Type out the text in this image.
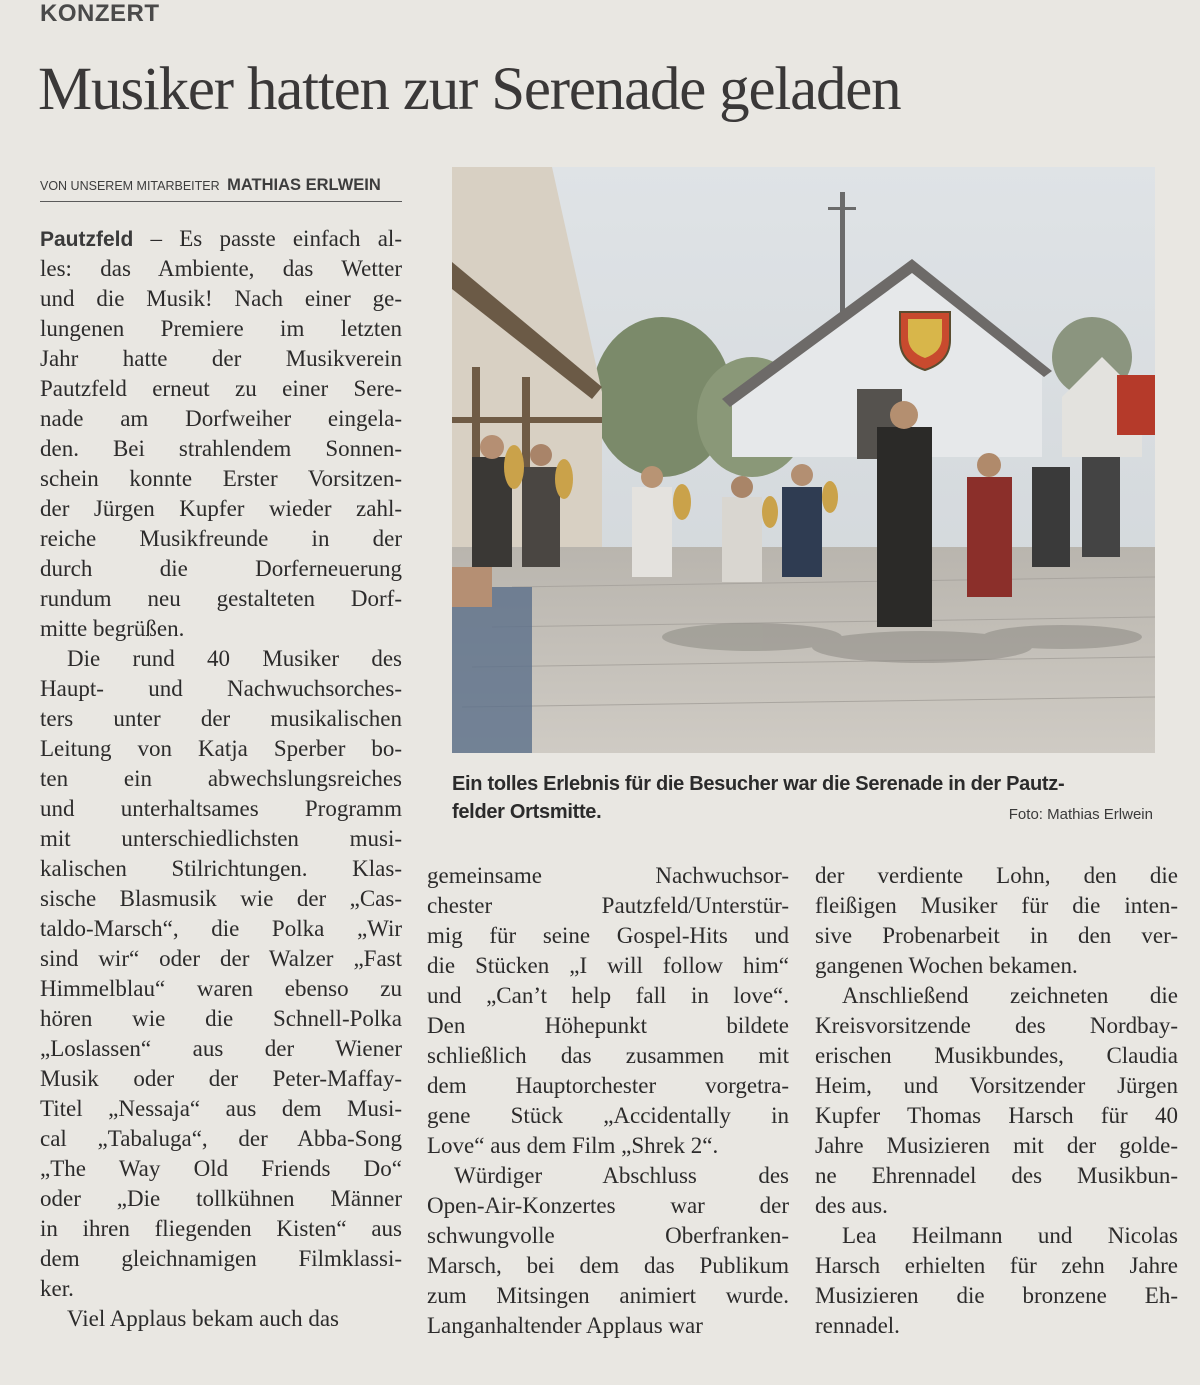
KONZERT
Musiker hatten zur Serenade geladen
VON UNSEREM MITARBEITER MATHIAS ERLWEIN
Pautzfeld – Es passte einfach al-
les: das Ambiente, das Wetter
und die Musik! Nach einer ge-
lungenen Premiere im letzten
Jahr hatte der Musikverein
Pautzfeld erneut zu einer Sere-
nade am Dorfweiher eingela-
den. Bei strahlendem Sonnen-
schein konnte Erster Vorsitzen-
der Jürgen Kupfer wieder zahl-
reiche Musikfreunde in der
durch die Dorferneuerung
rundum neu gestalteten Dorf-
mitte begrüßen.
Die rund 40 Musiker des
Haupt- und Nachwuchsorches-
ters unter der musikalischen
Leitung von Katja Sperber bo-
ten ein abwechslungsreiches
und unterhaltsames Programm
mit unterschiedlichsten musi-
kalischen Stilrichtungen. Klas-
sische Blasmusik wie der „Cas-
taldo-Marsch“, die Polka „Wir
sind wir“ oder der Walzer „Fast
Himmelblau“ waren ebenso zu
hören wie die Schnell-Polka
„Loslassen“ aus der Wiener
Musik oder der Peter-Maffay-
Titel „Nessaja“ aus dem Musi-
cal „Tabaluga“, der Abba-Song
„The Way Old Friends Do“
oder „Die tollkühnen Männer
in ihren fliegenden Kisten“ aus
dem gleichnamigen Filmklassi-
ker.
Viel Applaus bekam auch das
Ein tolles Erlebnis für die Besucher war die Serenade in der Pautz-
felder Ortsmitte.	Foto: Mathias Erlwein
gemeinsame Nachwuchsor-
chester Pautzfeld/Unterstür-
mig für seine Gospel-Hits und
die Stücken „I will follow him“
und „Can’t help fall in love“.
Den Höhepunkt bildete
schließlich das zusammen mit
dem Hauptorchester vorgetra-
gene Stück „Accidentally in
Love“ aus dem Film „Shrek 2“.
Würdiger Abschluss des
Open-Air-Konzertes war der
schwungvolle Oberfranken-
Marsch, bei dem das Publikum
zum Mitsingen animiert wurde.
Langanhaltender Applaus war
der verdiente Lohn, den die
fleißigen Musiker für die inten-
sive Probenarbeit in den ver-
gangenen Wochen bekamen.
Anschließend zeichneten die
Kreisvorsitzende des Nordbay-
erischen Musikbundes, Claudia
Heim, und Vorsitzender Jürgen
Kupfer Thomas Harsch für 40
Jahre Musizieren mit der golde-
ne Ehrennadel des Musikbun-
des aus.
Lea Heilmann und Nicolas
Harsch erhielten für zehn Jahre
Musizieren die bronzene Eh-
rennadel.
